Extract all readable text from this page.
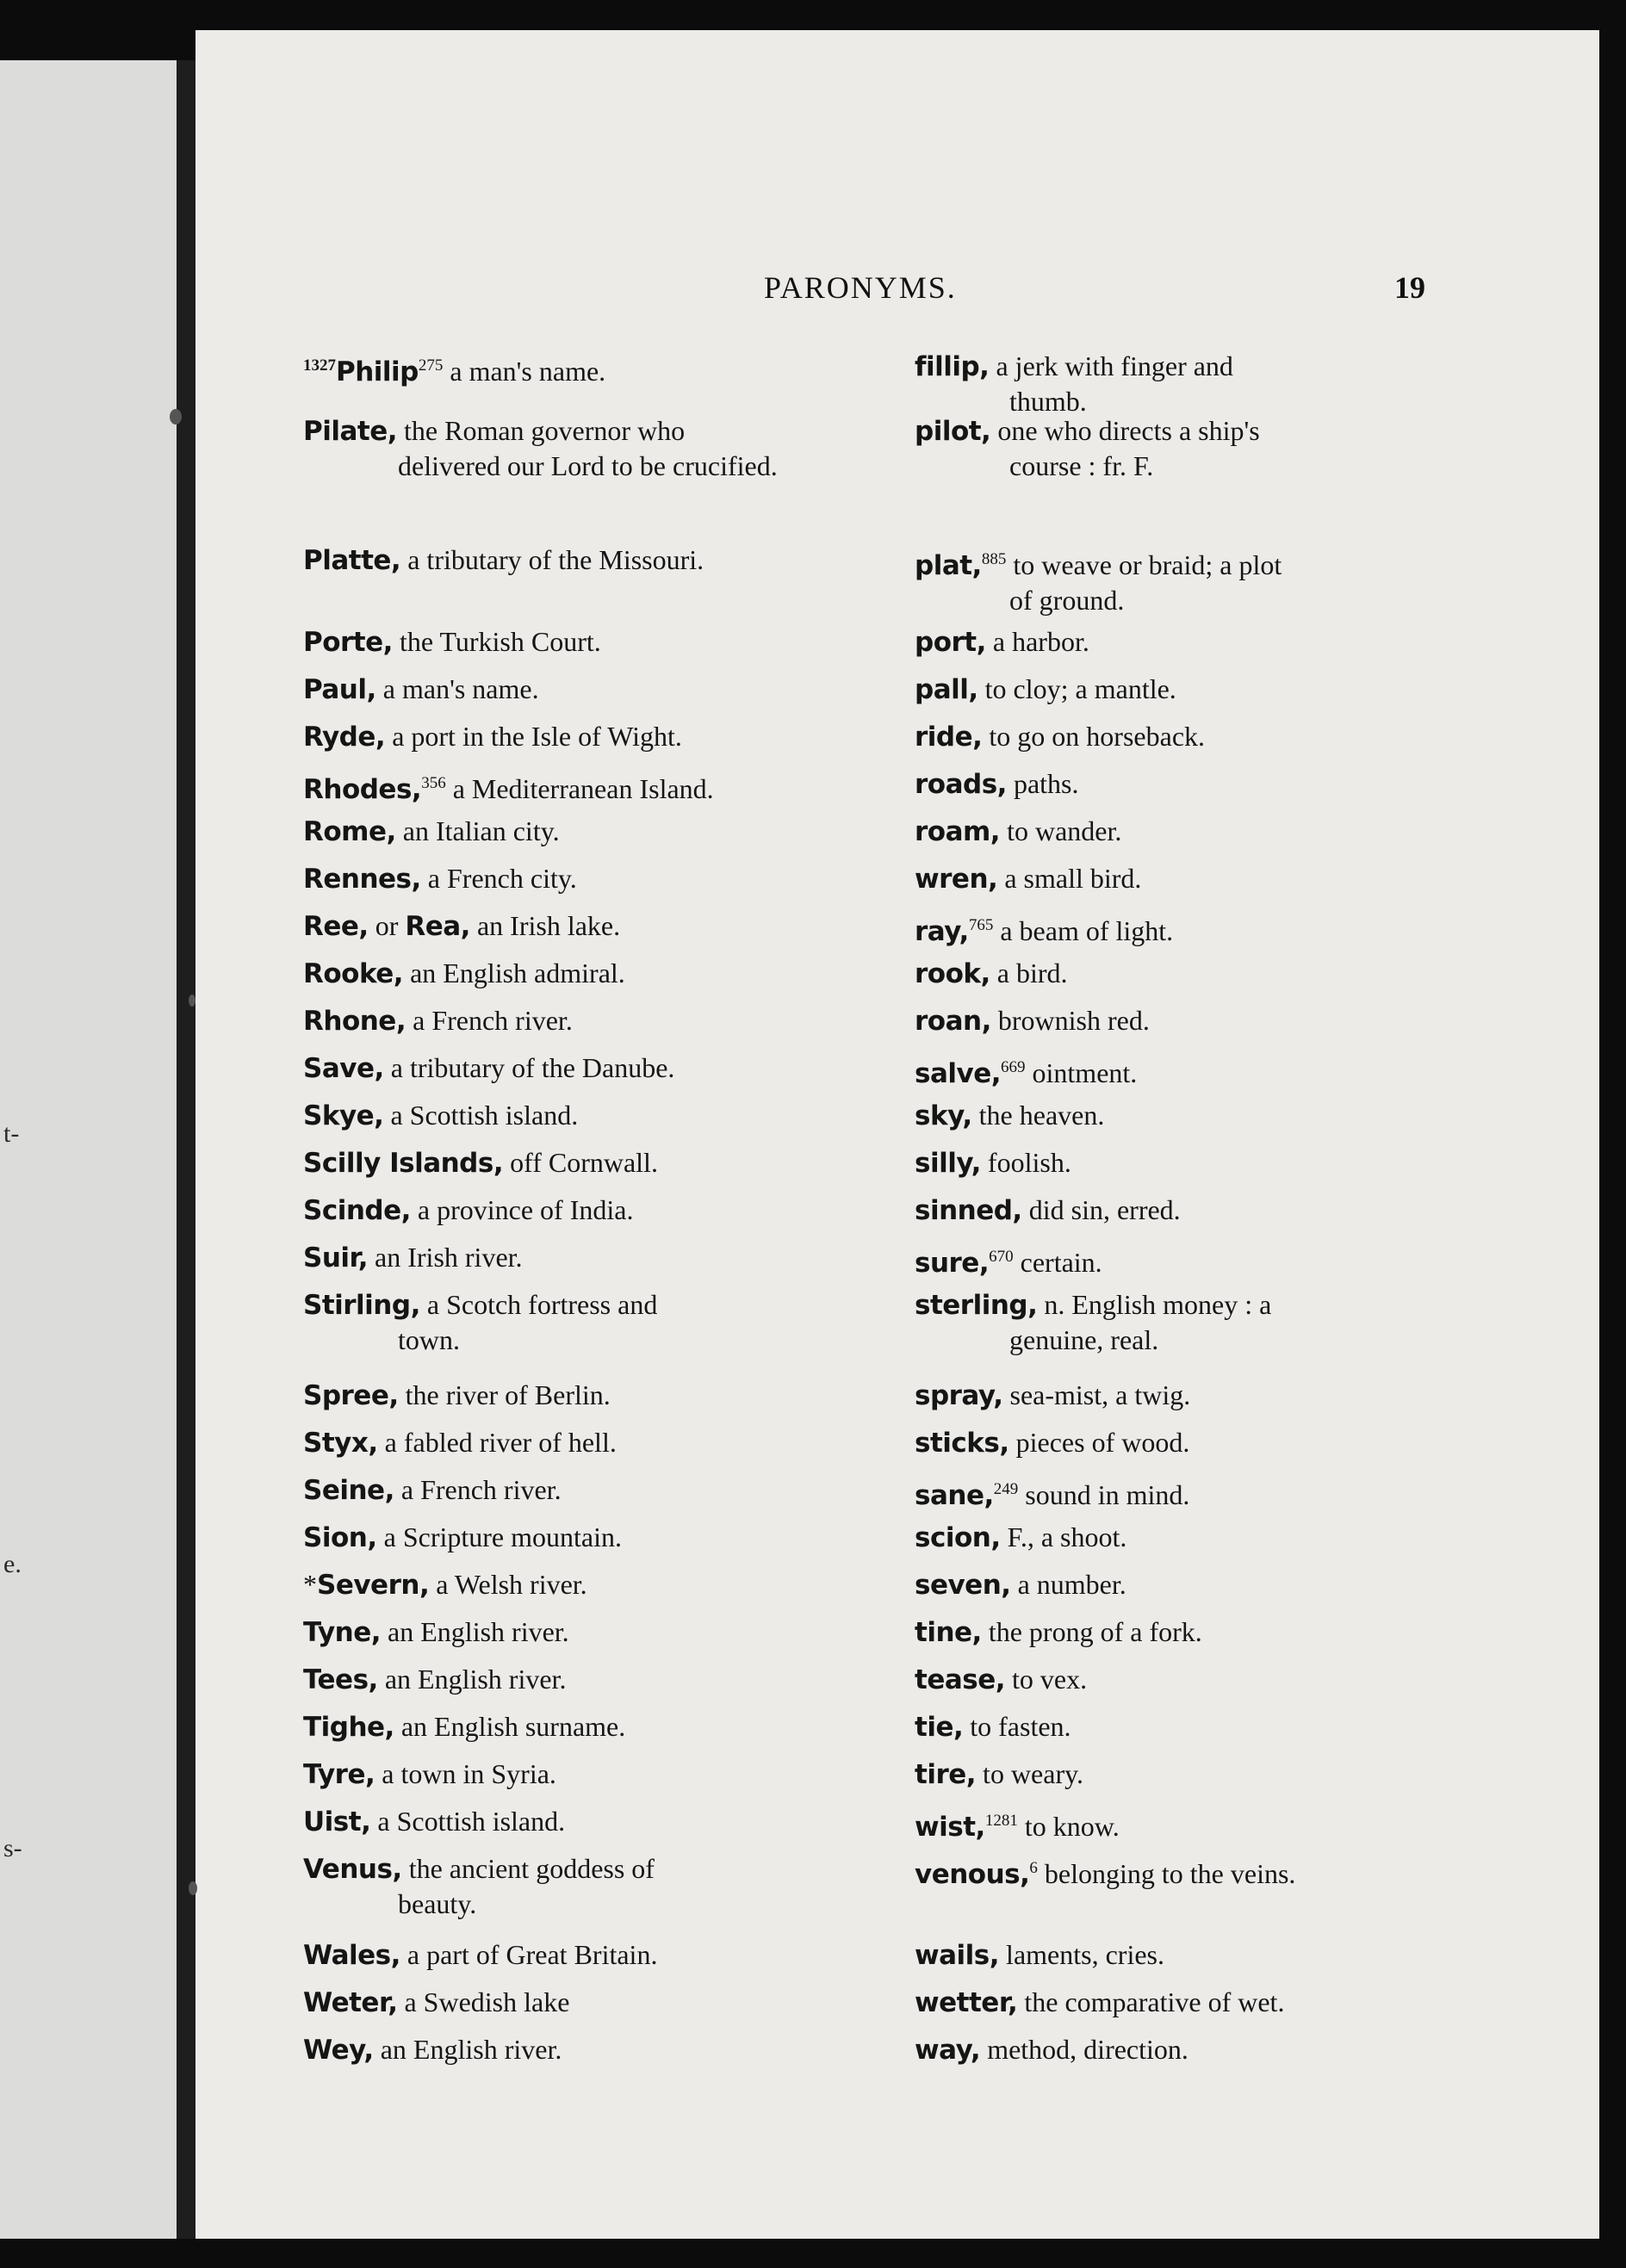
t-
e.
s-
PARONYMS.	19
$^{1327}$Philip$^{275}$ a man's name.
Pilate, the Roman governor who
delivered our Lord to be crucified.
Platte, a tributary of the Missouri.
Porte, the Turkish Court.
Paul, a man's name.
Ryde, a port in the Isle of Wight.
Rhodes,$^{356}$ a Mediterranean Island.
Rome, an Italian city.
Rennes, a French city.
Ree, or Rea, an Irish lake.
Rooke, an English admiral.
Rhone, a French river.
Save, a tributary of the Danube.
Skye, a Scottish island.
Scilly Islands, off Cornwall.
Scinde, a province of India.
Suir, an Irish river.
Stirling, a Scotch fortress and
town.
Spree, the river of Berlin.
Styx, a fabled river of hell.
Seine, a French river.
Sion, a Scripture mountain.
*Severn, a Welsh river.
Tyne, an English river.
Tees, an English river.
Tighe, an English surname.
Tyre, a town in Syria.
Uist, a Scottish island.
Venus, the ancient goddess of
beauty.
Wales, a part of Great Britain.
Weter, a Swedish lake
Wey, an English river.
fillip, a jerk with finger and
thumb.
pilot, one who directs a ship's
course : fr. F.
plat,$^{885}$ to weave or braid; a plot
of ground.
port, a harbor.
pall, to cloy; a mantle.
ride, to go on horseback.
roads, paths.
roam, to wander.
wren, a small bird.
ray,$^{765}$ a beam of light.
rook, a bird.
roan, brownish red.
salve,$^{669}$ ointment.
sky, the heaven.
silly, foolish.
sinned, did sin, erred.
sure,$^{670}$ certain.
sterling, n. English money : a
genuine, real.
spray, sea-mist, a twig.
sticks, pieces of wood.
sane,$^{249}$ sound in mind.
scion, F., a shoot.
seven, a number.
tine, the prong of a fork.
tease, to vex.
tie, to fasten.
tire, to weary.
wist,$^{1281}$ to know.
venous,$^6$ belonging to the veins.
wails, laments, cries.
wetter, the comparative of wet.
way, method, direction.
